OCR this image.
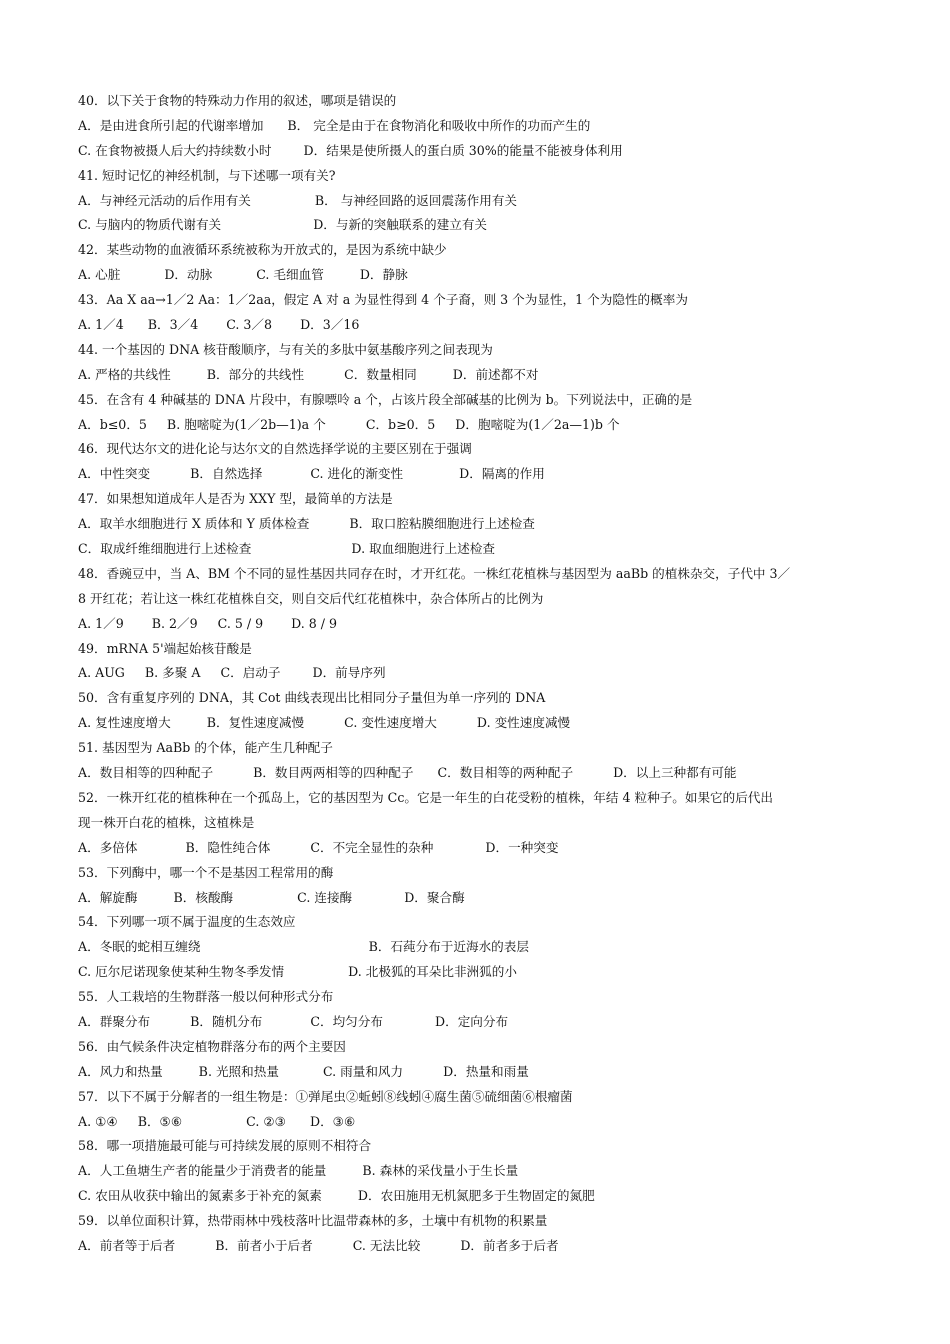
40．以下关于食物的特殊动力作用的叙述，哪项是错误的
A．是由进食所引起的代谢率增加      B． 完全是由于在食物消化和吸收中所作的功而产生的
C. 在食物被摄人后大约持续数小时        D．结果是使所摄人的蛋白质 30%的能量不能被身体利用
41. 短时记忆的神经机制，与下述哪一项有关?
A．与神经元活动的后作用有关                B． 与神经回路的返回震荡作用有关
C. 与脑内的物质代谢有关                       D．与新的突触联系的建立有关
42．某些动物的血液循环系统被称为开放式的，是因为系统中缺少
A. 心脏           D．动脉           C. 毛细血管         D．静脉
43．Aa X aa→1／2 Aa：1／2aa，假定 A 对 a 为显性得到 4 个子裔，则 3 个为显性，1 个为隐性的概率为
A. 1／4      B．3／4       C. 3／8       D．3／16
44. 一个基因的 DNA 核苷酸顺序，与有关的多肽中氨基酸序列之间表现为
A. 严格的共线性         B．部分的共线性          C．数量相同         D．前述都不对
45．在含有 4 种碱基的 DNA 片段中，有腺嘌呤 a 个，占该片段全部碱基的比例为 b。下列说法中，正确的是
A．b≤0．5     B. 胞嘧啶为(1／2b—1)a 个          C．b≥0．5     D．胞嘧啶为(1／2a—1)b 个
46．现代达尔文的进化论与达尔文的自然选择学说的主要区别在于强调
A．中性突变          B．自然选择            C. 进化的渐变性              D．隔离的作用
47．如果想知道成年人是否为 XXY 型，最简单的方法是
A．取羊水细胞进行 X 质体和 Y 质体检查          B．取口腔粘膜细胞进行上述检查
C．取成纤维细胞进行上述检查                         D. 取血细胞进行上述检查
48．香豌豆中，当 A、BM 个不同的显性基因共同存在时，才开红花。一株红花植株与基因型为 aaBb 的植株杂交，子代中 3／
8 开红花；若让这一株红花植株自交，则自交后代红花植株中，杂合体所占的比例为
A. 1／9       B. 2／9     C. 5 / 9       D. 8 / 9
49．mRNA 5'端起始核苷酸是
A. AUG     B. 多聚 A     C．启动子        D．前导序列
50．含有重复序列的 DNA，其 Cot 曲线表现出比相同分子量但为单一序列的 DNA
A. 复性速度增大         B．复性速度减慢          C. 变性速度增大          D. 变性速度减慢
51. 基因型为 AaBb 的个体，能产生几种配子
A．数目相等的四种配子          B．数目两两相等的四种配子      C．数目相等的两种配子          D．以上三种都有可能
52．一株开红花的植株种在一个孤岛上，它的基因型为 Cc。它是一年生的白花受粉的植株，年结 4 粒种子。如果它的后代出
现一株开白花的植株，这植株是
A．多倍体            B．隐性纯合体          C．不完全显性的杂种             D．一种突变
53．下列酶中，哪一个不是基因工程常用的酶
A．解旋酶         B．核酸酶                C. 连接酶             D．聚合酶
54．下列哪一项不属于温度的生态效应
A．冬眠的蛇相互缠绕                                          B．石莼分布于近海水的表层
C. 厄尔尼诺现象使某种生物冬季发情                D. 北极狐的耳朵比非洲狐的小
55．人工栽培的生物群落一般以何种形式分布
A．群聚分布          B．随机分布            C．均匀分布             D．定向分布
56．由气候条件决定植物群落分布的两个主要因
A．风力和热量         B. 光照和热量           C. 雨量和风力          D．热量和雨量
57．以下不属于分解者的一组生物是：①弹尾虫②蚯蚓⑧线蚓④腐生菌⑤硫细菌⑥根瘤菌
A. ①④     B．⑤⑥                C. ②③      D．③⑥
58．哪一项措施最可能与可持续发展的原则不相符合
A．人工鱼塘生产者的能量少于消费者的能量         B. 森林的采伐量小于生长量
C. 农田从收获中输出的氮素多于补充的氮素         D．农田施用无机氮肥多于生物固定的氮肥
59．以单位面积计算，热带雨林中残枝落叶比温带森林的多，土壤中有机物的积累量
A．前者等于后者          B．前者小于后者          C. 无法比较          D．前者多于后者
